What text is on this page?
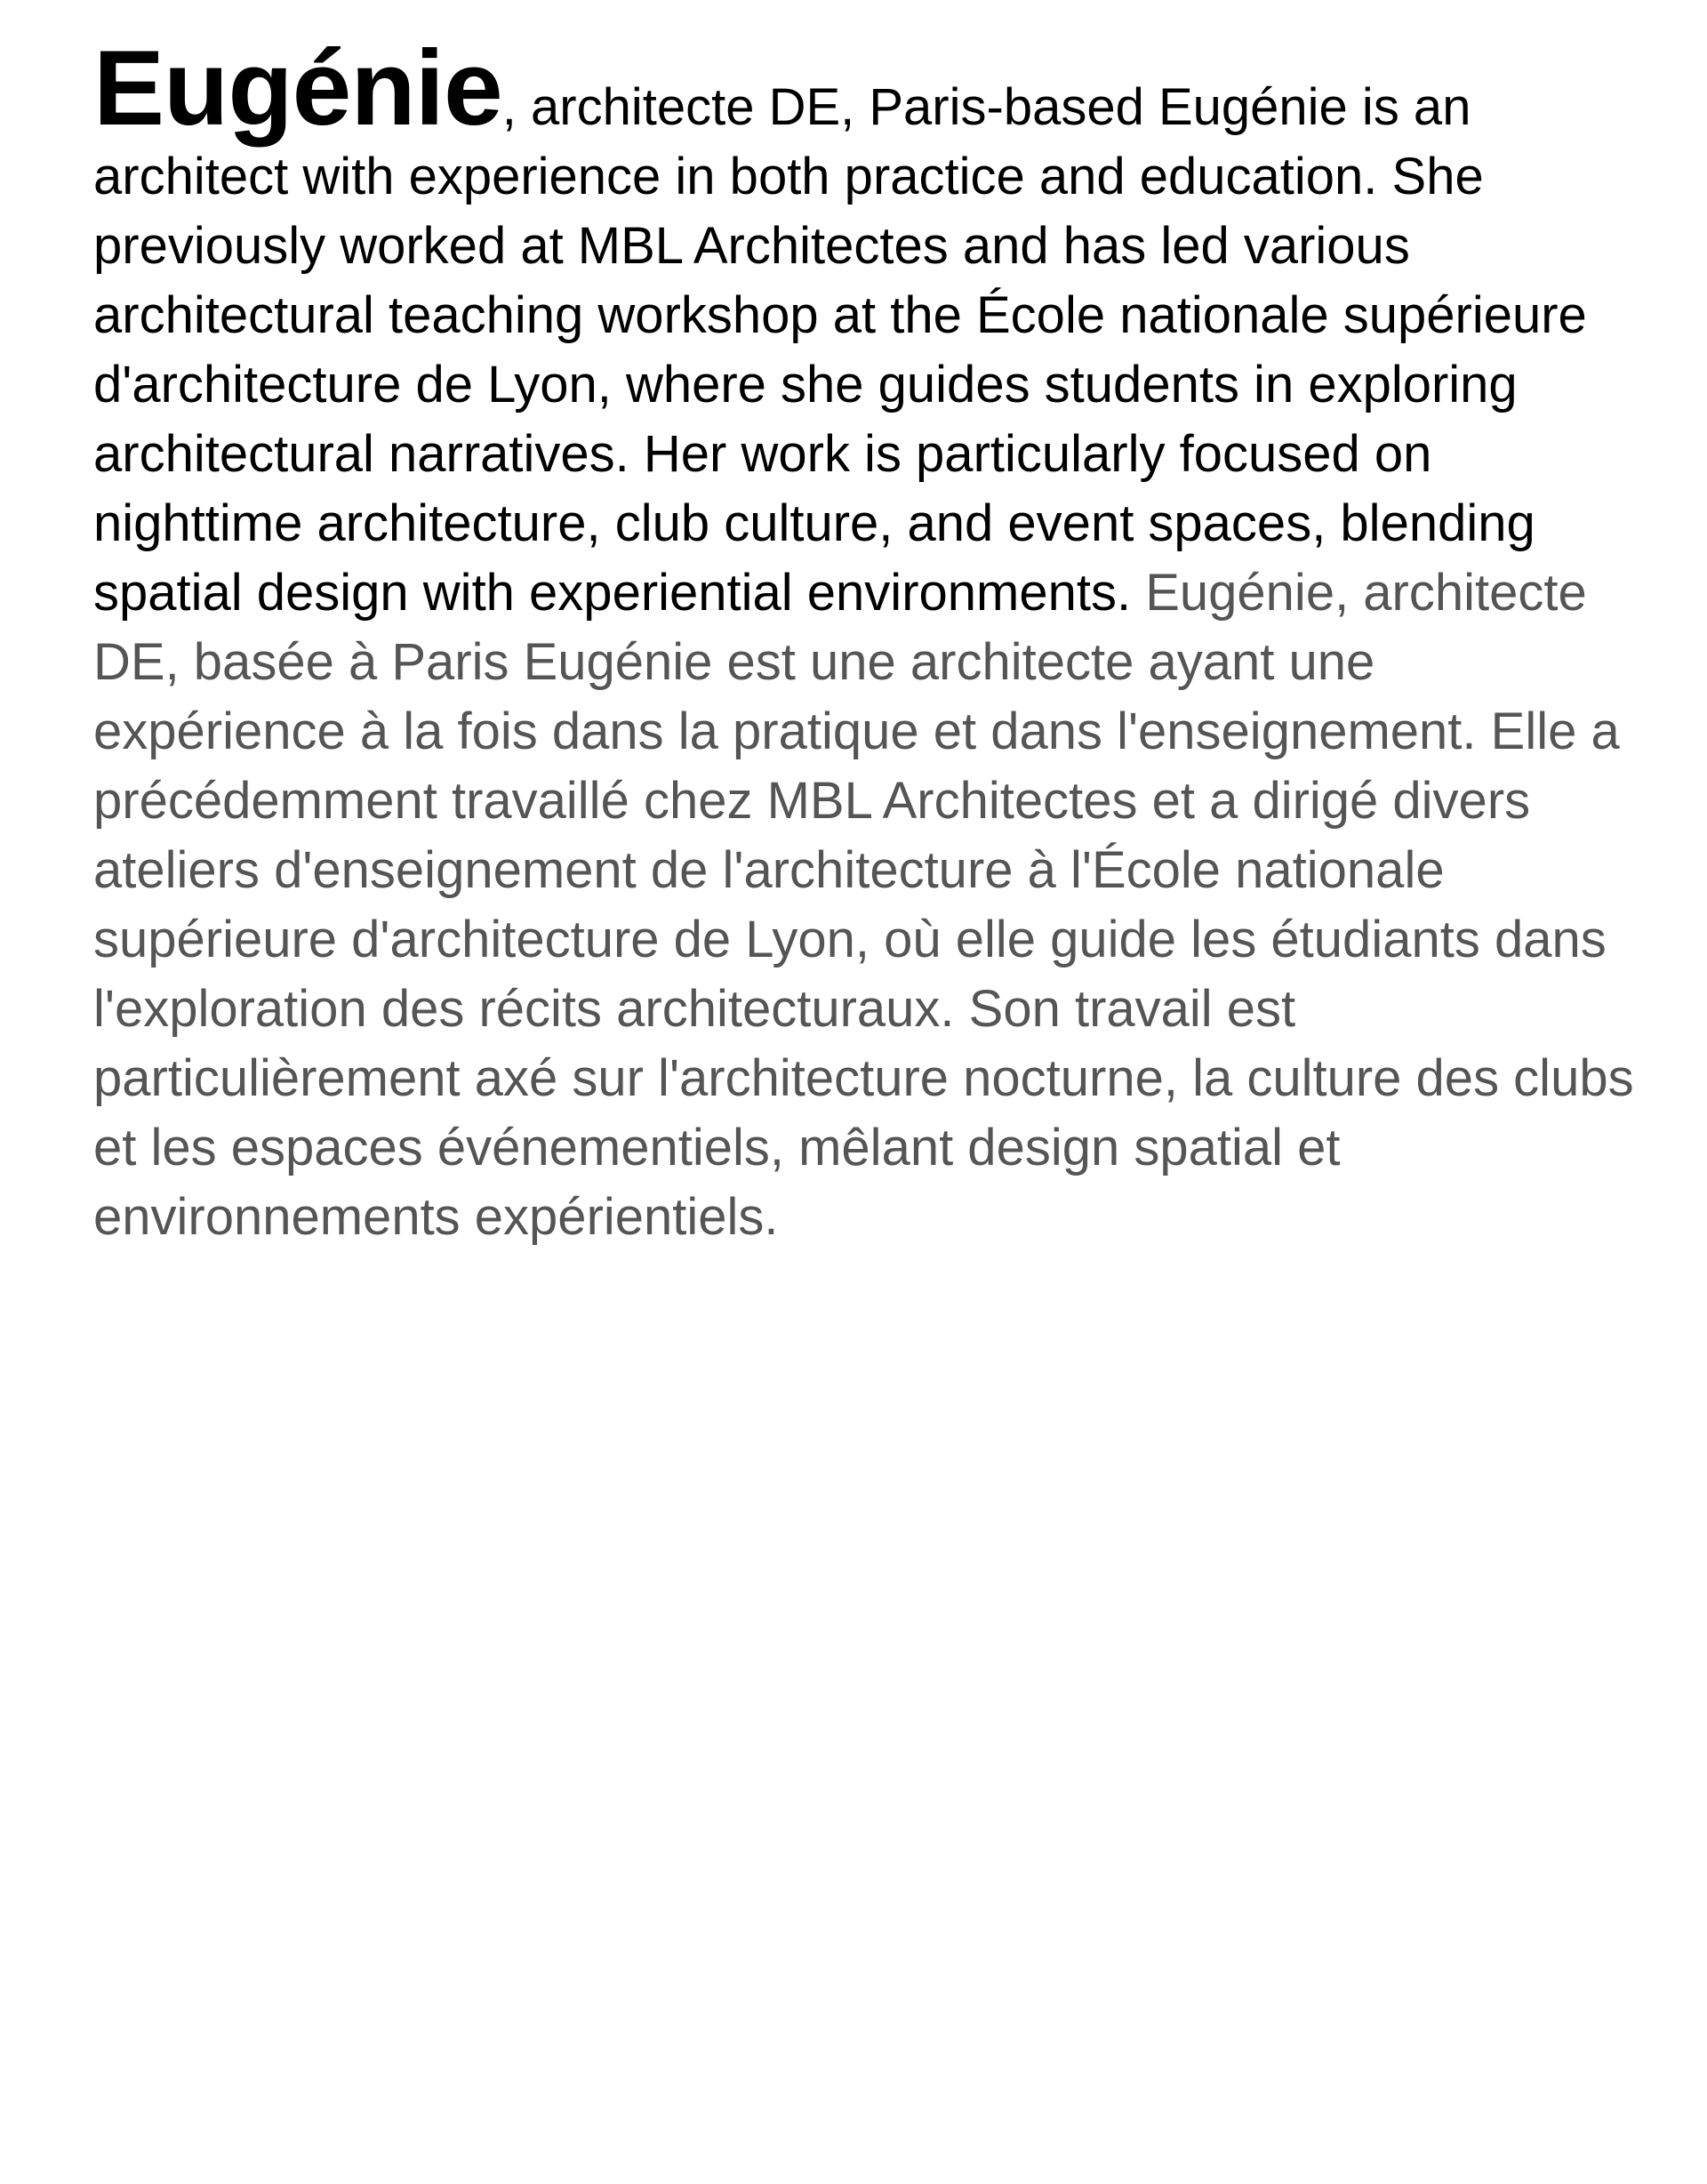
Eugénie, architecte DE, Paris-based Eugénie is an architect with experience in both practice and education. She previously worked at MBL Architectes and has led various architectural teaching workshop at the École nationale supérieure d'architecture de Lyon, where she guides students in exploring architectural narratives. Her work is particularly focused on nighttime architecture, club culture, and event spaces, blending spatial design with experiential environments. Eugénie, architecte DE, basée à Paris Eugénie est une architecte ayant une expérience à la fois dans la pratique et dans l'enseignement. Elle a précédemment travaillé chez MBL Architectes et a dirigé divers ateliers d'enseignement de l'architecture à l'École nationale supérieure d'architecture de Lyon, où elle guide les étudiants dans l'exploration des récits architecturaux. Son travail est particulièrement axé sur l'architecture nocturne, la culture des clubs et les espaces événementiels, mêlant design spatial et environnements expérientiels.
